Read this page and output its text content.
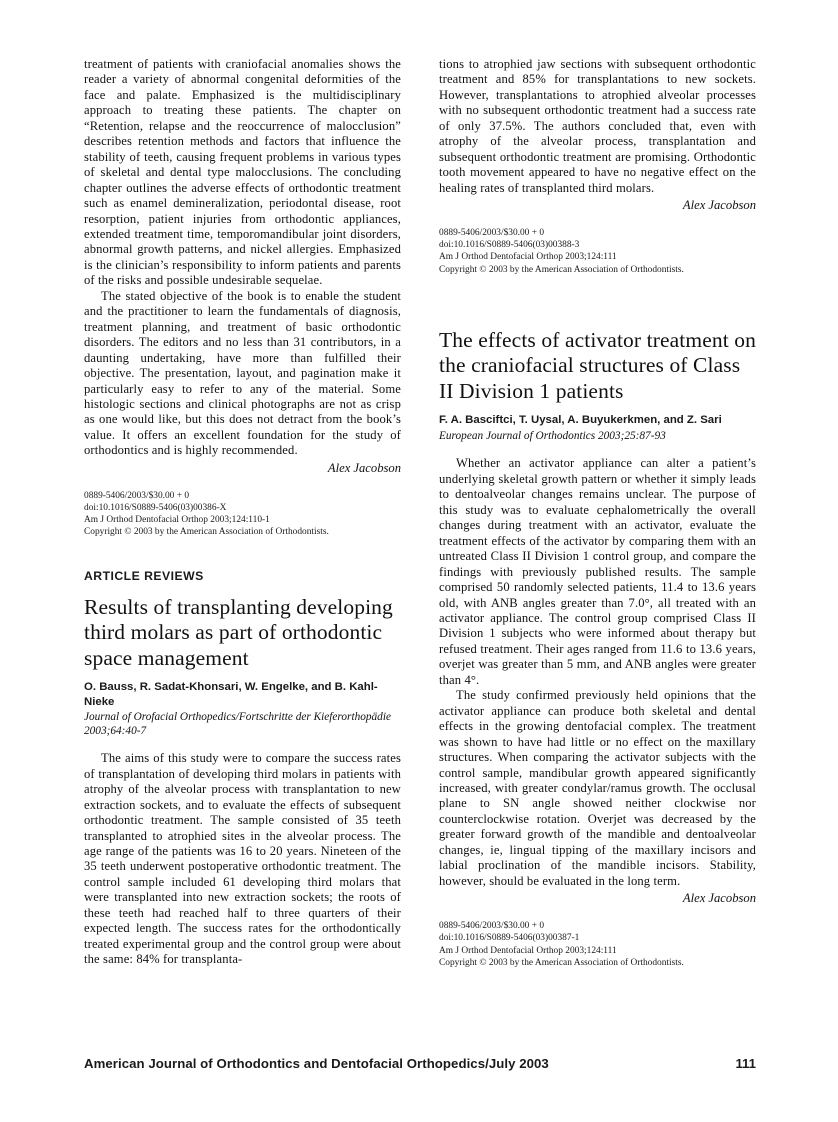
treatment of patients with craniofacial anomalies shows the reader a variety of abnormal congenital deformities of the face and palate. Emphasized is the multidisciplinary approach to treating these patients. The chapter on “Retention, relapse and the reoccurrence of malocclusion” describes retention methods and factors that influence the stability of teeth, causing frequent problems in various types of skeletal and dental type malocclusions. The concluding chapter outlines the adverse effects of orthodontic treatment such as enamel demineralization, periodontal disease, root resorption, patient injuries from orthodontic appliances, extended treatment time, temporomandibular joint disorders, abnormal growth patterns, and nickel allergies. Emphasized is the clinician’s responsibility to inform patients and parents of the risks and possible undesirable sequelae.

The stated objective of the book is to enable the student and the practitioner to learn the fundamentals of diagnosis, treatment planning, and treatment of basic orthodontic disorders. The editors and no less than 31 contributors, in a daunting undertaking, have more than fulfilled their objective. The presentation, layout, and pagination make it particularly easy to refer to any of the material. Some histologic sections and clinical photographs are not as crisp as one would like, but this does not detract from the book’s value. It offers an excellent foundation for the study of orthodontics and is highly recommended.

Alex Jacobson

0889-5406/2003/$30.00 + 0
doi:10.1016/S0889-5406(03)00386-X
Am J Orthod Dentofacial Orthop 2003;124:110-1
Copyright © 2003 by the American Association of Orthodontists.
ARTICLE REVIEWS
Results of transplanting developing third molars as part of orthodontic space management
O. Bauss, R. Sadat-Khonsari, W. Engelke, and B. Kahl-Nieke
Journal of Orofacial Orthopedics/Fortschritte der Kieferorthopädie 2003;64:40-7

The aims of this study were to compare the success rates of transplantation of developing third molars in patients with atrophy of the alveolar process with transplantation to new extraction sockets, and to evaluate the effects of subsequent orthodontic treatment. The sample consisted of 35 teeth transplanted to atrophied sites in the alveolar process. The age range of the patients was 16 to 20 years. Nineteen of the 35 teeth underwent postoperative orthodontic treatment. The control sample included 61 developing third molars that were transplanted into new extraction sockets; the roots of these teeth had reached half to three quarters of their expected length. The success rates for the orthodontically treated experimental group and the control group were about the same: 84% for transplanta-

tions to atrophied jaw sections with subsequent orthodontic treatment and 85% for transplantations to new sockets. However, transplantations to atrophied alveolar processes with no subsequent orthodontic treatment had a success rate of only 37.5%. The authors concluded that, even with atrophy of the alveolar process, transplantation and subsequent orthodontic treatment are promising. Orthodontic tooth movement appeared to have no negative effect on the healing rates of transplanted third molars.

Alex Jacobson

0889-5406/2003/$30.00 + 0
doi:10.1016/S0889-5406(03)00388-3
Am J Orthod Dentofacial Orthop 2003;124:111
Copyright © 2003 by the American Association of Orthodontists.
The effects of activator treatment on the craniofacial structures of Class II Division 1 patients
F. A. Basciftci, T. Uysal, A. Buyukerkmen, and Z. Sari
European Journal of Orthodontics 2003;25:87-93

Whether an activator appliance can alter a patient’s underlying skeletal growth pattern or whether it simply leads to dentoalveolar changes remains unclear. The purpose of this study was to evaluate cephalometrically the overall changes during treatment with an activator, evaluate the treatment effects of the activator by comparing them with an untreated Class II Division 1 control group, and compare the findings with previously published results. The sample comprised 50 randomly selected patients, 11.4 to 13.6 years old, with ANB angles greater than 7.0°, all treated with an activator appliance. The control group comprised Class II Division 1 subjects who were informed about therapy but refused treatment. Their ages ranged from 11.6 to 13.6 years, overjet was greater than 5 mm, and ANB angles were greater than 4°.

The study confirmed previously held opinions that the activator appliance can produce both skeletal and dental effects in the growing dentofacial complex. The treatment was shown to have had little or no effect on the maxillary structures. When comparing the activator subjects with the control sample, mandibular growth appeared significantly increased, with greater condylar/ramus growth. The occlusal plane to SN angle showed neither clockwise nor counterclockwise rotation. Overjet was decreased by the greater forward growth of the mandible and dentoalveolar changes, ie, lingual tipping of the maxillary incisors and labial proclination of the mandible incisors. Stability, however, should be evaluated in the long term.

Alex Jacobson

0889-5406/2003/$30.00 + 0
doi:10.1016/S0889-5406(03)00387-1
Am J Orthod Dentofacial Orthop 2003;124:111
Copyright © 2003 by the American Association of Orthodontists.
American Journal of Orthodontics and Dentofacial Orthopedics/July 2003	111
